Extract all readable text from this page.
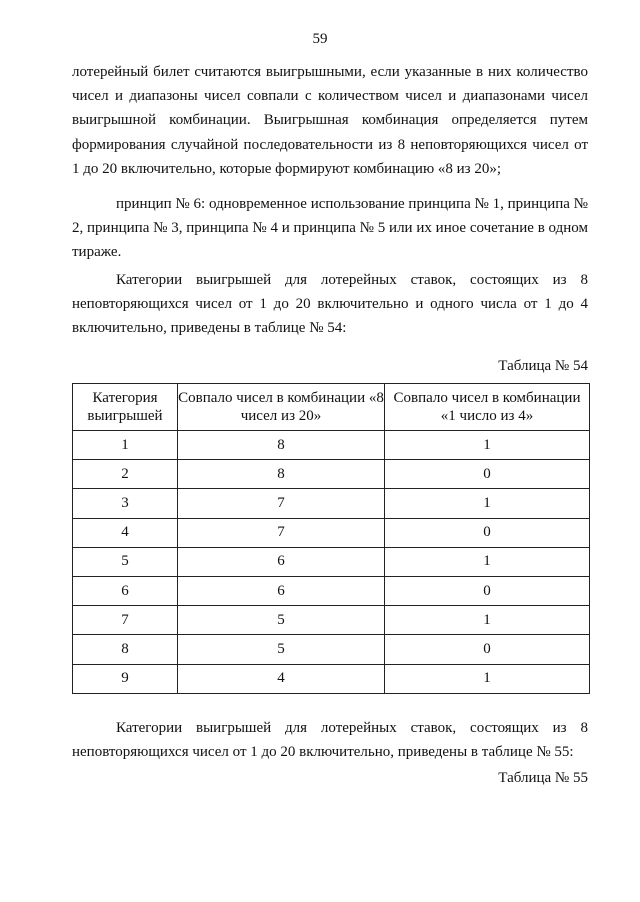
59

лотерейный билет считаются выигрышными, если указанные в них количество чисел и диапазоны чисел совпали с количеством чисел и диапазонами чисел выигрышной комбинации. Выигрышная комбинация определяется путем формирования случайной последовательности из 8 неповторяющихся чисел от 1 до 20 включительно, которые формируют комбинацию «8 из 20»;

принцип № 6: одновременное использование принципа № 1, принципа № 2, принципа № 3, принципа № 4 и принципа № 5 или их иное сочетание в одном тираже.

Категории выигрышей для лотерейных ставок, состоящих из 8 неповторяющихся чисел от 1 до 20 включительно и одного числа от 1 до 4 включительно, приведены в таблице № 54:

Таблица № 54
Категория выигрышей	Совпало чисел в комбинации «8 чисел из 20»	Совпало чисел в комбинации «1 число из 4»
1	8	1
2	8	0
3	7	1
4	7	0
5	6	1
6	6	0
7	5	1
8	5	0
9	4	1

Категории выигрышей для лотерейных ставок, состоящих из 8 неповторяющихся чисел от 1 до 20 включительно, приведены в таблице № 55:

Таблица № 55
